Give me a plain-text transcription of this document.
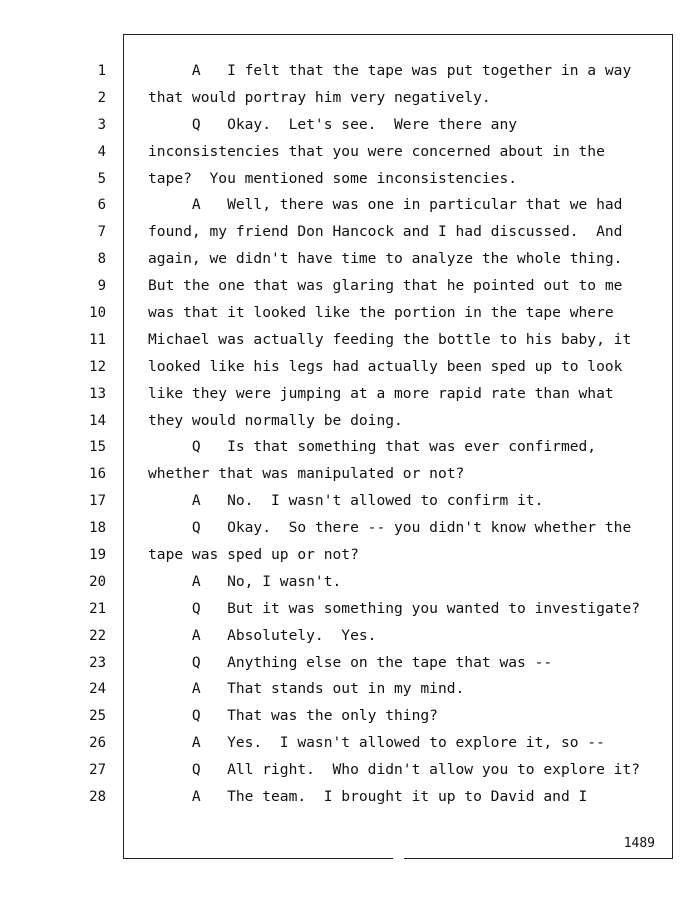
1	A   I felt that the tape was put together in a way
2	that would portray him very negatively.
3	Q   Okay.  Let's see.  Were there any
4	inconsistencies that you were concerned about in the
5	tape?  You mentioned some inconsistencies.
6	A   Well, there was one in particular that we had
7	found, my friend Don Hancock and I had discussed.  And
8	again, we didn't have time to analyze the whole thing.
9	But the one that was glaring that he pointed out to me
10	was that it looked like the portion in the tape where
11	Michael was actually feeding the bottle to his baby, it
12	looked like his legs had actually been sped up to look
13	like they were jumping at a more rapid rate than what
14	they would normally be doing.
15	Q   Is that something that was ever confirmed,
16	whether that was manipulated or not?
17	A   No.  I wasn't allowed to confirm it.
18	Q   Okay.  So there -- you didn't know whether the
19	tape was sped up or not?
20	A   No, I wasn't.
21	Q   But it was something you wanted to investigate?
22	A   Absolutely.  Yes.
23	Q   Anything else on the tape that was --
24	A   That stands out in my mind.
25	Q   That was the only thing?
26	A   Yes.  I wasn't allowed to explore it, so --
27	Q   All right.  Who didn't allow you to explore it?
28	A   The team.  I brought it up to David and I
1489
